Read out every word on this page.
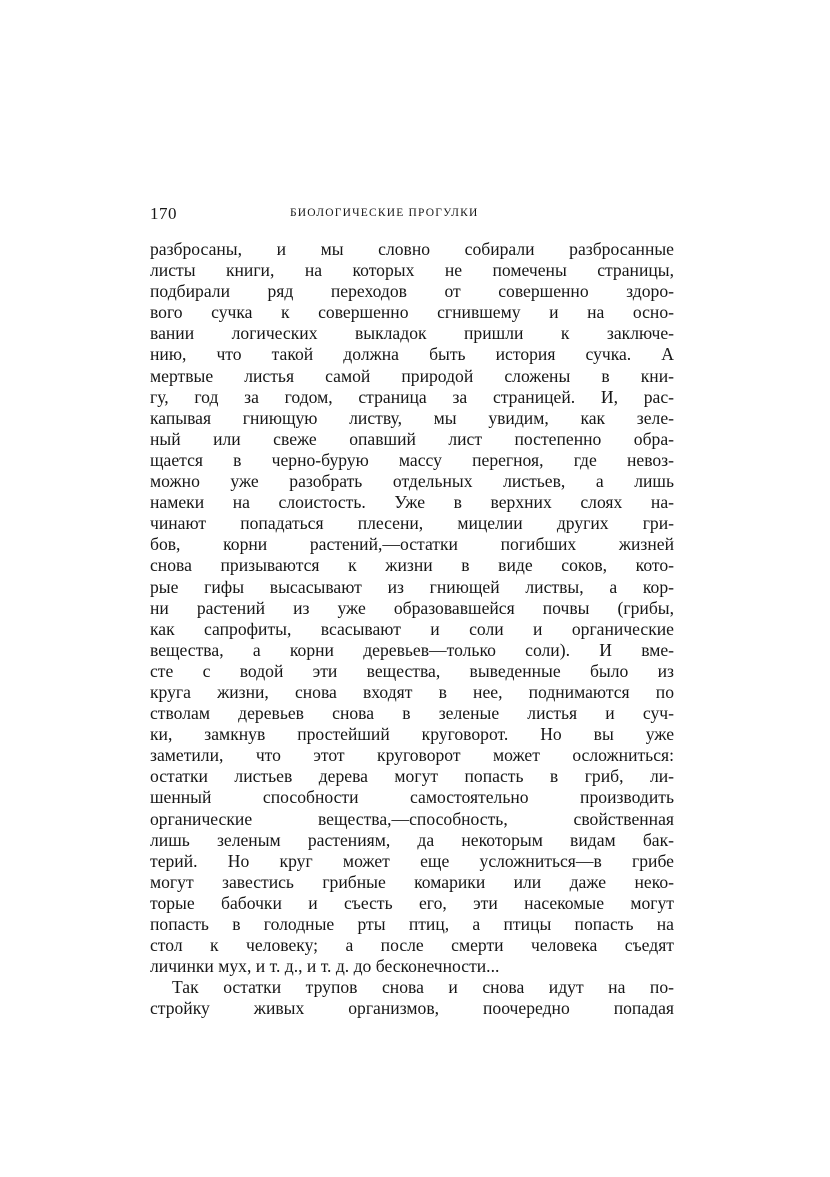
170	БИОЛОГИЧЕСКИЕ ПРОГУЛКИ
разбросаны, и мы словно собирали разбросанные
листы книги, на которых не помечены страницы,
подбирали ряд переходов от совершенно здоро-
вого сучка к совершенно сгнившему и на осно-
вании логических выкладок пришли к заключе-
нию, что такой должна быть история сучка. А
мертвые листья самой природой сложены в кни-
гу, год за годом, страница за страницей. И, рас-
капывая гниющую листву, мы увидим, как зеле-
ный или свеже опавший лист постепенно обра-
щается в черно-бурую массу перегноя, где невоз-
можно уже разобрать отдельных листьев, а лишь
намеки на слоистость. Уже в верхних слоях на-
чинают попадаться плесени, мицелии других гри-
бов, корни растений,—остатки погибших жизней
снова призываются к жизни в виде соков, кото-
рые гифы высасывают из гниющей листвы, а кор-
ни растений из уже образовавшейся почвы (грибы,
как сапрофиты, всасывают и соли и органические
вещества, а корни деревьев—только соли). И вме-
сте с водой эти вещества, выведенные было из
круга жизни, снова входят в нее, поднимаются по
стволам деревьев снова в зеленые листья и суч-
ки, замкнув простейший круговорот. Но вы уже
заметили, что этот круговорот может осложниться:
остатки листьев дерева могут попасть в гриб, ли-
шенный способности самостоятельно производить
органические вещества,—способность, свойственная
лишь зеленым растениям, да некоторым видам бак-
терий. Но круг может еще усложниться—в грибе
могут завестись грибные комарики или даже неко-
торые бабочки и съесть его, эти насекомые могут
попасть в голодные рты птиц, а птицы попасть на
стол к человеку; а после смерти человека съедят
личинки мух, и т. д., и т. д. до бесконечности...
Так остатки трупов снова и снова идут на по-
стройку живых организмов, поочередно попадая
